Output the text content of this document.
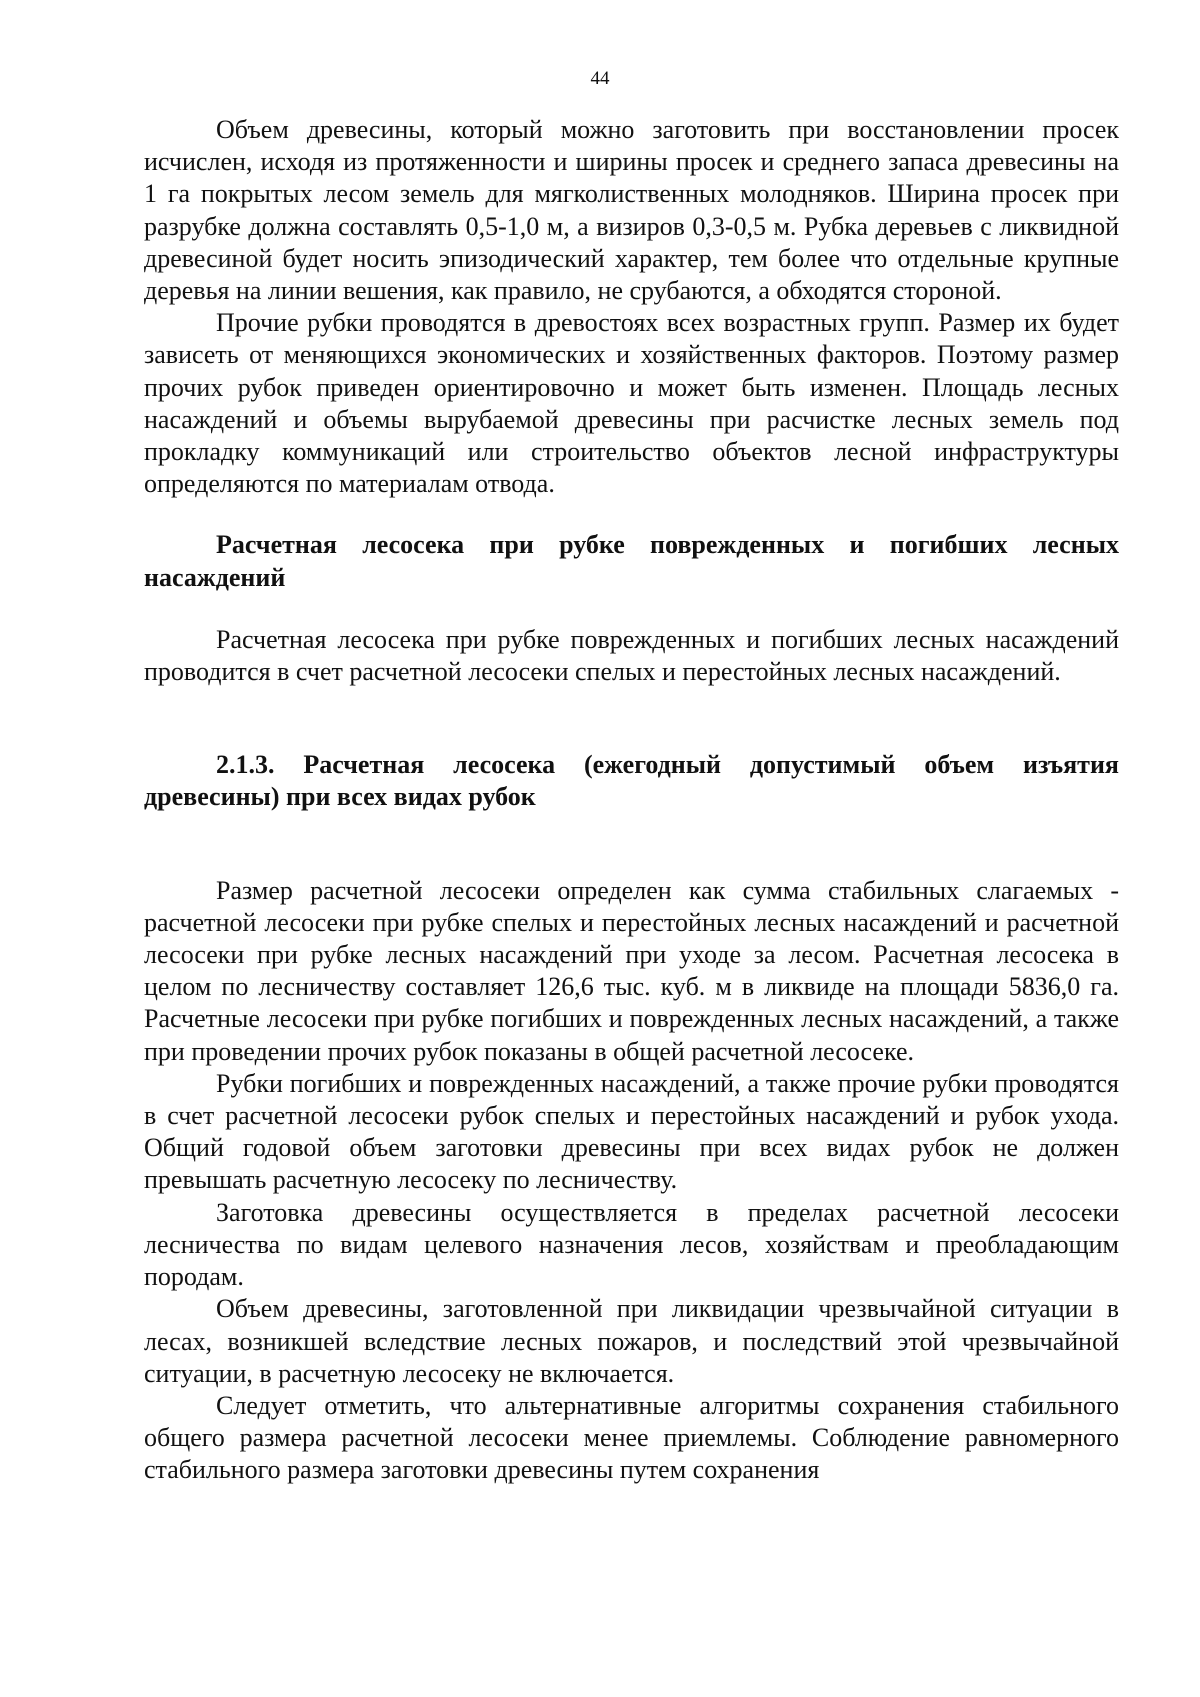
44

Объем древесины, который можно заготовить при восстановлении просек исчислен, исходя из протяженности и ширины просек и среднего запаса древесины на 1 га покрытых лесом земель для мягколиственных молодняков. Ширина просек при разрубке должна составлять 0,5-1,0 м, а визиров 0,3-0,5 м. Рубка деревьев с ликвидной древесиной будет носить эпизодический характер, тем более что отдельные крупные деревья на линии вешения, как правило, не срубаются, а обходятся стороной.

Прочие рубки проводятся в древостоях всех возрастных групп. Размер их будет зависеть от меняющихся экономических и хозяйственных факторов. Поэтому размер прочих рубок приведен ориентировочно и может быть изменен. Площадь лесных насаждений и объемы вырубаемой древесины при расчистке лесных земель под прокладку коммуникаций или строительство объектов лесной инфраструктуры определяются по материалам отвода.

Расчетная лесосека при рубке поврежденных и погибших лесных насаждений

Расчетная лесосека при рубке поврежденных и погибших лесных насаждений проводится в счет расчетной лесосеки спелых и перестойных лесных насаждений.

2.1.3. Расчетная лесосека (ежегодный допустимый объем изъятия древесины) при всех видах рубок

Размер расчетной лесосеки определен как сумма стабильных слагаемых - расчетной лесосеки при рубке спелых и перестойных лесных насаждений и расчетной лесосеки при рубке лесных насаждений при уходе за лесом. Расчетная лесосека в целом по лесничеству составляет 126,6 тыс. куб. м в ликвиде на площади 5836,0 га. Расчетные лесосеки при рубке погибших и поврежденных лесных насаждений, а также при проведении прочих рубок показаны в общей расчетной лесосеке.

Рубки погибших и поврежденных насаждений, а также прочие рубки проводятся в счет расчетной лесосеки рубок спелых и перестойных насаждений и рубок ухода. Общий годовой объем заготовки древесины при всех видах рубок не должен превышать расчетную лесосеку по лесничеству.

Заготовка древесины осуществляется в пределах расчетной лесосеки лесничества по видам целевого назначения лесов, хозяйствам и преобладающим породам.

Объем древесины, заготовленной при ликвидации чрезвычайной ситуации в лесах, возникшей вследствие лесных пожаров, и последствий этой чрезвычайной ситуации, в расчетную лесосеку не включается.

Следует отметить, что альтернативные алгоритмы сохранения стабильного общего размера расчетной лесосеки менее приемлемы. Соблюдение равномерного стабильного размера заготовки древесины путем сохранения
